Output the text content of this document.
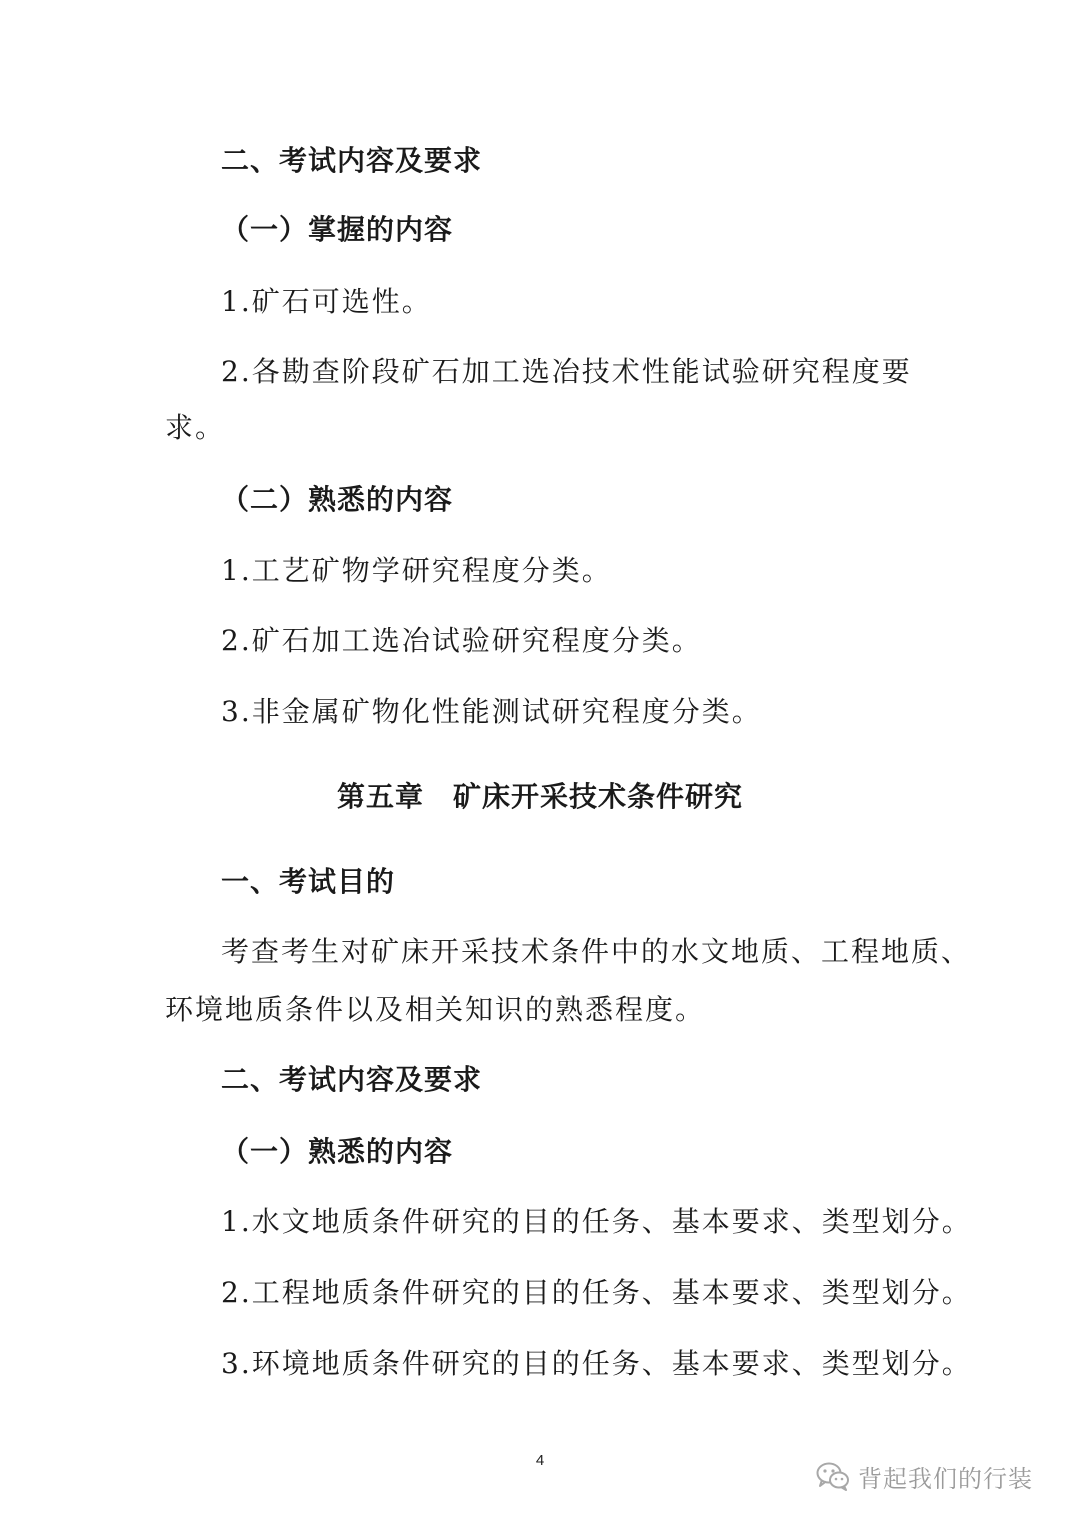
二、考试内容及要求
（一）掌握的内容
1.矿石可选性。
2.各勘查阶段矿石加工选冶技术性能试验研究程度要
求。
（二）熟悉的内容
1.工艺矿物学研究程度分类。
2.矿石加工选冶试验研究程度分类。
3.非金属矿物化性能测试研究程度分类。
第五章　矿床开采技术条件研究
一、考试目的
考查考生对矿床开采技术条件中的水文地质、工程地质、
环境地质条件以及相关知识的熟悉程度。
二、考试内容及要求
（一）熟悉的内容
1.水文地质条件研究的目的任务、基本要求、类型划分。
2.工程地质条件研究的目的任务、基本要求、类型划分。
3.环境地质条件研究的目的任务、基本要求、类型划分。
4
背起我们的行装
